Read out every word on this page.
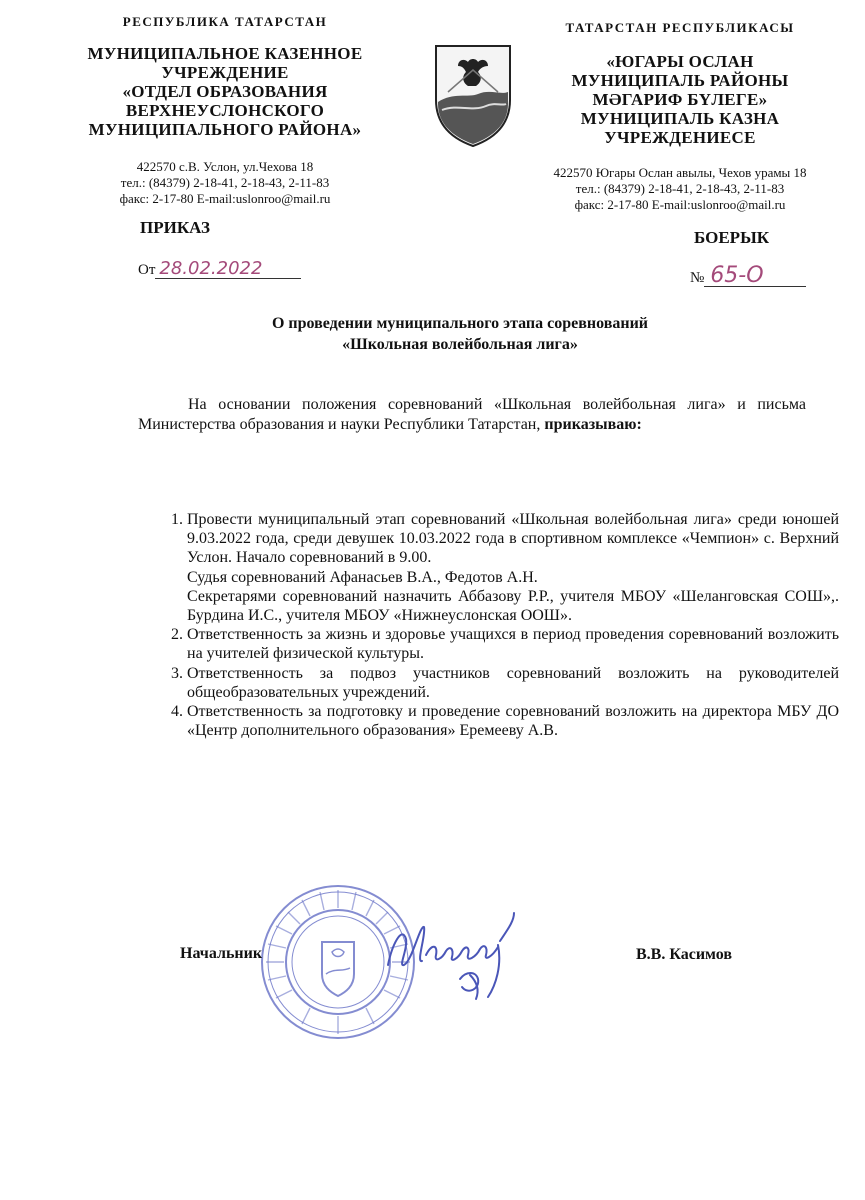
РЕСПУБЛИКА ТАТАРСТАН
МУНИЦИПАЛЬНОЕ КАЗЕННОЕ
УЧРЕЖДЕНИЕ
«ОТДЕЛ ОБРАЗОВАНИЯ
ВЕРХНЕУСЛОНСКОГО
МУНИЦИПАЛЬНОГО РАЙОНА»
422570 с.В. Услон, ул.Чехова 18
тел.: (84379) 2-18-41, 2-18-43, 2-11-83
факс: 2-17-80 E-mail:uslonroo@mail.ru
ТАТАРСТАН РЕСПУБЛИКАСЫ
«ЮГАРЫ ОСЛАН
МУНИЦИПАЛЬ РАЙОНЫ
МӘГАРИФ БҮЛЕГЕ»
МУНИЦИПАЛЬ КАЗНА
УЧРЕЖДЕНИЕСЕ
422570 Югары Ослан авылы, Чехов урамы 18
тел.: (84379) 2-18-41, 2-18-43, 2-11-83
факс: 2-17-80 E-mail:uslonroo@mail.ru
ПРИКАЗ
БОЕРЫК
От 28.02.2022	№ 65-О
О проведении муниципального этапа соревнований
«Школьная волейбольная лига»
На основании положения соревнований «Школьная волейбольная лига» и письма Министерства образования и науки Республики Татарстан, приказываю:

1. Провести муниципальный этап соревнований «Школьная волейбольная лига» среди юношей 9.03.2022 года, среди девушек 10.03.2022 года в спортивном комплексе «Чемпион» с. Верхний Услон. Начало соревнований в 9.00.

Судья соревнований Афанасьев В.А., Федотов А.Н.

Секретарями соревнований назначить Аббазову Р.Р., учителя МБОУ «Шеланговская СОШ»,. Бурдина И.С., учителя МБОУ «Нижнеуслонская ООШ».

2. Ответственность за жизнь и здоровье учащихся в период проведения соревнований возложить на учителей физической культуры.

3. Ответственность за подвоз участников соревнований возложить на руководителей общеобразовательных учреждений.

4. Ответственность за подготовку и проведение соревнований возложить на директора МБУ ДО «Центр дополнительного образования» Еремееву А.В.

Начальник	В.В. Касимов
